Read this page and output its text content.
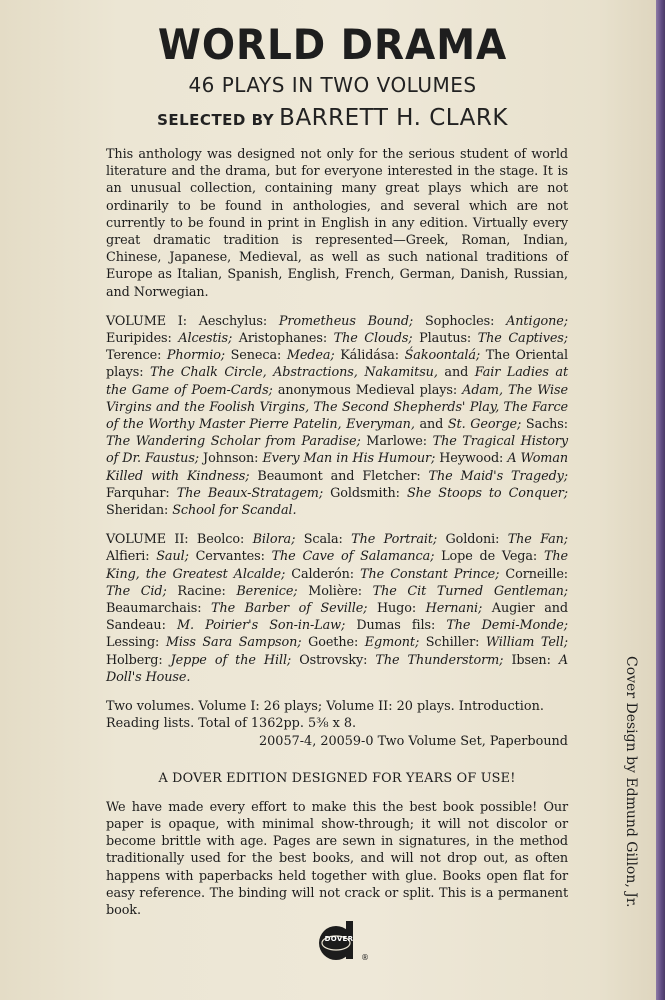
WORLD DRAMA
46 PLAYS IN TWO VOLUMES
SELECTED BY BARRETT H. CLARK

This anthology was designed not only for the serious student of world literature and the drama, but for everyone interested in the stage. It is an unusual collection, containing many great plays which are not ordinarily to be found in anthologies, and several which are not currently to be found in print in English in any edition. Virtually every great dramatic tradition is represented—Greek, Roman, Indian, Chinese, Japanese, Medieval, as well as such national traditions of Europe as Italian, Spanish, English, French, German, Danish, Russian, and Norwegian.

VOLUME I: Aeschylus: Prometheus Bound; Sophocles: Antigone; Euripides: Alcestis; Aristophanes: The Clouds; Plautus: The Captives; Terence: Phormio; Seneca: Medea; Kálidása: Śakoontalá; The Oriental plays: The Chalk Circle, Abstractions, Nakamitsu, and Fair Ladies at the Game of Poem-Cards; anonymous Medieval plays: Adam, The Wise Virgins and the Foolish Virgins, The Second Shepherds' Play, The Farce of the Worthy Master Pierre Patelin, Everyman, and St. George; Sachs: The Wandering Scholar from Paradise; Marlowe: The Tragical History of Dr. Faustus; Johnson: Every Man in His Humour; Heywood: A Woman Killed with Kindness; Beaumont and Fletcher: The Maid's Tragedy; Farquhar: The Beaux-Stratagem; Goldsmith: She Stoops to Conquer; Sheridan: School for Scandal.

VOLUME II: Beolco: Bilora; Scala: The Portrait; Goldoni: The Fan; Alfieri: Saul; Cervantes: The Cave of Salamanca; Lope de Vega: The King, the Greatest Alcalde; Calderón: The Constant Prince; Corneille: The Cid; Racine: Berenice; Molière: The Cit Turned Gentleman; Beaumarchais: The Barber of Seville; Hugo: Hernani; Augier and Sandeau: M. Poirier's Son-in-Law; Dumas fils: The Demi-Monde; Lessing: Miss Sara Sampson; Goethe: Egmont; Schiller: William Tell; Holberg: Jeppe of the Hill; Ostrovsky: The Thunderstorm; Ibsen: A Doll's House.

Two volumes. Volume I: 26 plays; Volume II: 20 plays. Introduction. Reading lists. Total of 1362pp. 5⅜ x 8.
20057-4, 20059-0 Two Volume Set, Paperbound

A DOVER EDITION DESIGNED FOR YEARS OF USE!

We have made every effort to make this the best book possible! Our paper is opaque, with minimal show-through; it will not discolor or become brittle with age. Pages are sewn in signatures, in the method traditionally used for the best books, and will not drop out, as often happens with paperbacks held together with glue. Books open flat for easy reference. The binding will not crack or split. This is a permanent book.

Cover Design by Edmund Gillon, Jr.
DOVER
®
